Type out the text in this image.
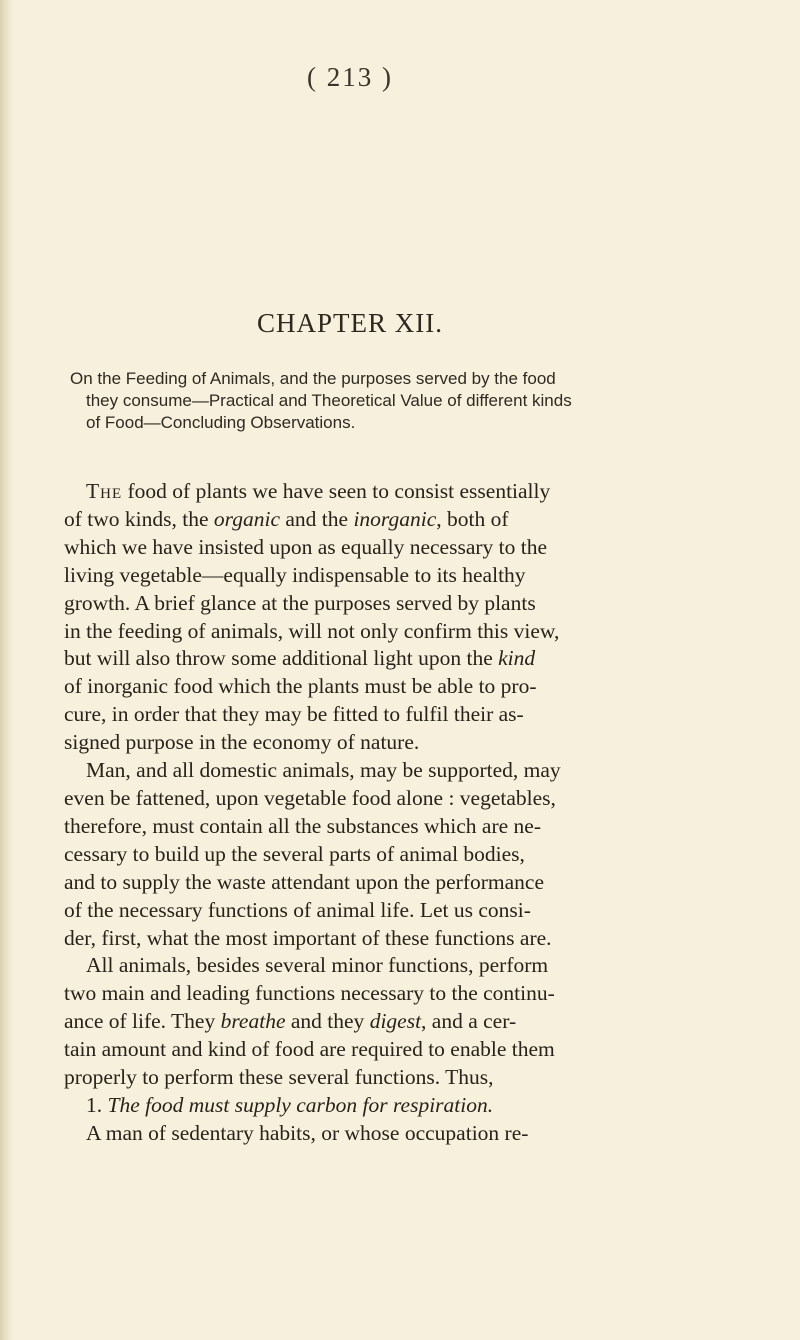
( 213 )
CHAPTER XII.
On the Feeding of Animals, and the purposes served by the food
they consume—Practical and Theoretical Value of different kinds
of Food—Concluding Observations.
The food of plants we have seen to consist essentially
of two kinds, the organic and the inorganic, both of
which we have insisted upon as equally necessary to the
living vegetable—equally indispensable to its healthy
growth. A brief glance at the purposes served by plants
in the feeding of animals, will not only confirm this view,
but will also throw some additional light upon the kind
of inorganic food which the plants must be able to pro-
cure, in order that they may be fitted to fulfil their as-
signed purpose in the economy of nature.
Man, and all domestic animals, may be supported, may
even be fattened, upon vegetable food alone : vegetables,
therefore, must contain all the substances which are ne-
cessary to build up the several parts of animal bodies,
and to supply the waste attendant upon the performance
of the necessary functions of animal life. Let us consi-
der, first, what the most important of these functions are.
All animals, besides several minor functions, perform
two main and leading functions necessary to the continu-
ance of life. They breathe and they digest, and a cer-
tain amount and kind of food are required to enable them
properly to perform these several functions. Thus,
1. The food must supply carbon for respiration.
A man of sedentary habits, or whose occupation re-
